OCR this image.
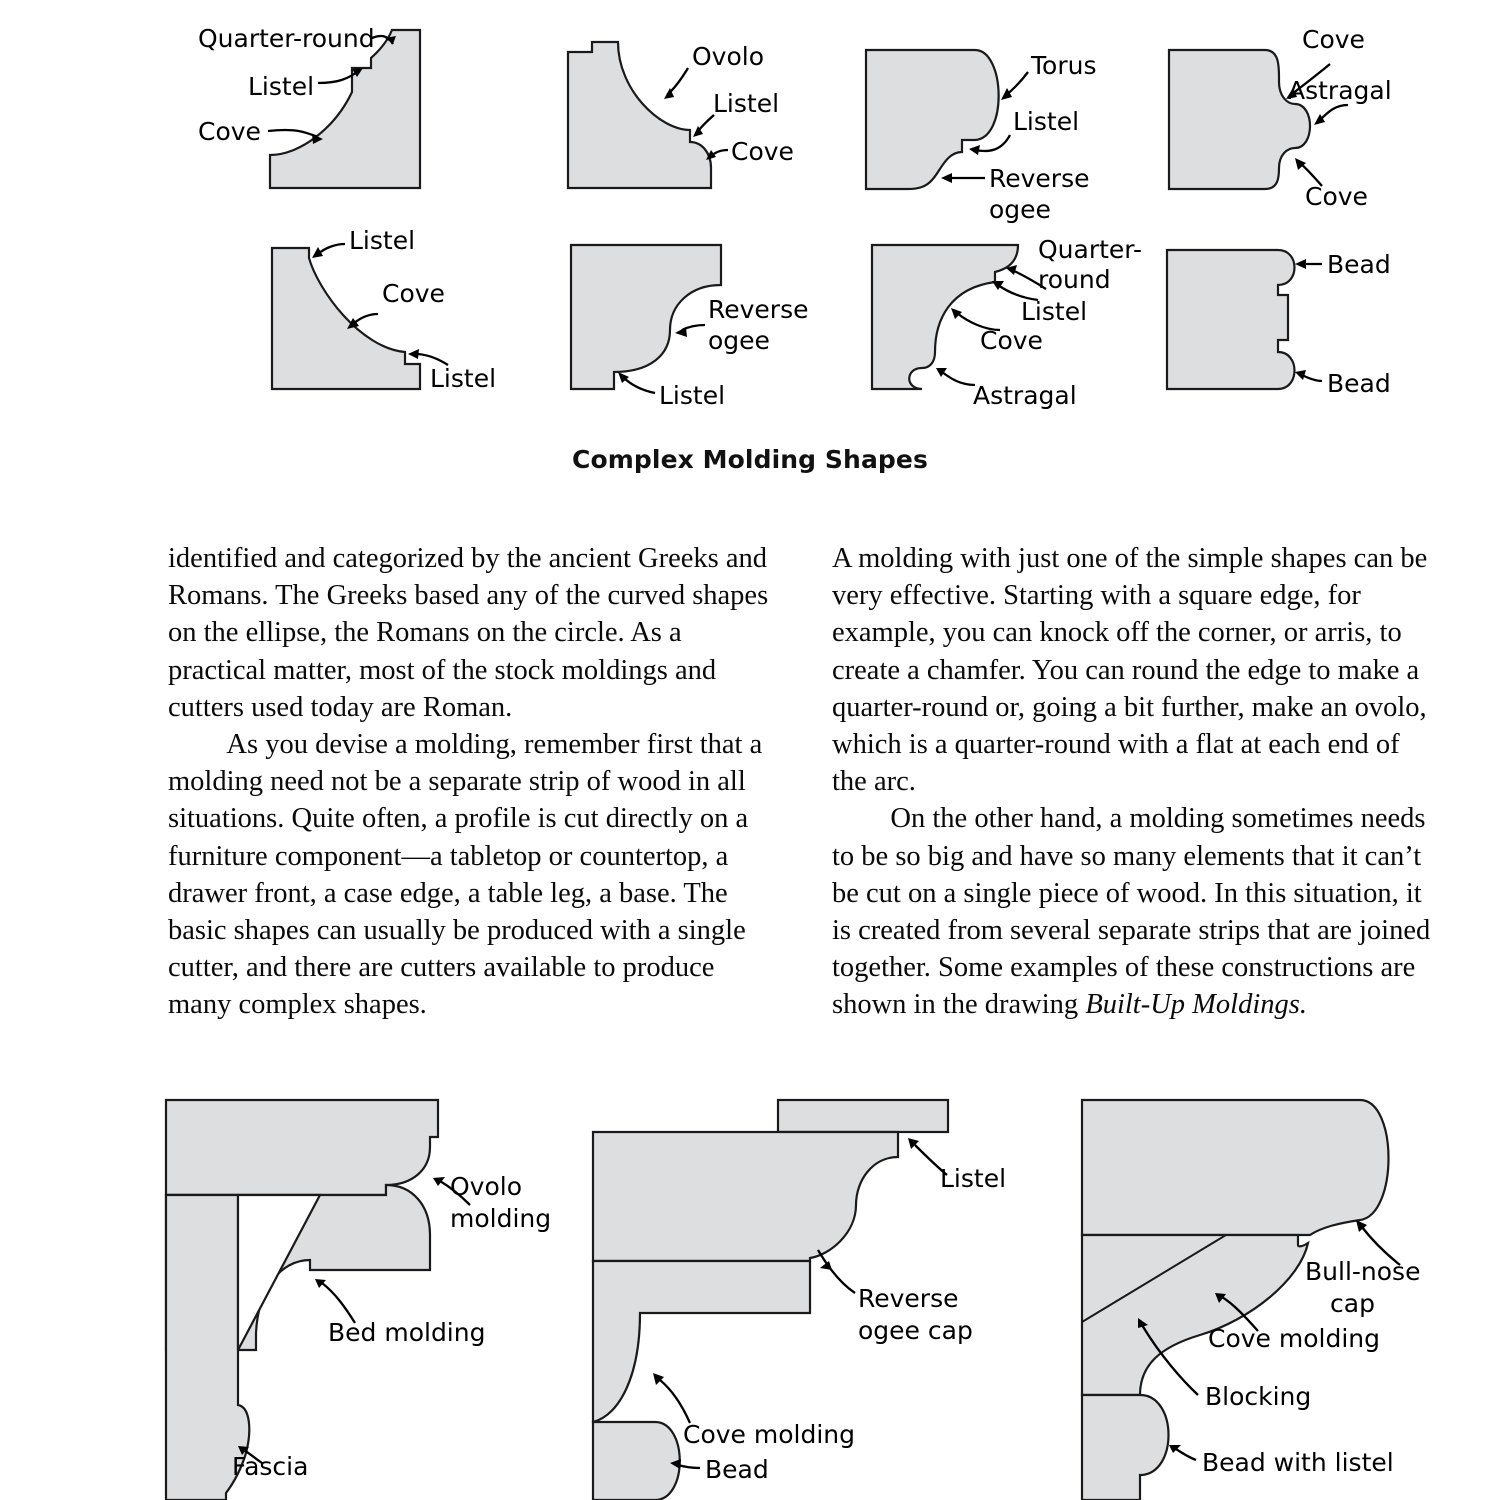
Quarter-round
Listel
Cove
Ovolo
Listel
Cove
Torus
Listel
Reverse
ogee
Cove
Astragal
Cove
Listel
Cove
Listel
Reverse
ogee
Listel
Quarter-
round
Listel
Cove
Astragal
Bead
Bead
Complex Molding Shapes

identified and categorized by the ancient Greeks and Romans. The Greeks based any of the curved shapes on the ellipse, the Romans on the circle. As a practical matter, most of the stock moldings and cutters used today are Roman.

As you devise a molding, remember first that a molding need not be a separate strip of wood in all situations. Quite often, a profile is cut directly on a furniture component—a tabletop or countertop, a drawer front, a case edge, a table leg, a base. The basic shapes can usually be produced with a single cutter, and there are cutters available to produce many complex shapes.

A molding with just one of the simple shapes can be very effective. Starting with a square edge, for example, you can knock off the corner, or arris, to create a chamfer. You can round the edge to make a quarter-round or, going a bit further, make an ovolo, which is a quarter-round with a flat at each end of the arc.

On the other hand, a molding sometimes needs to be so big and have so many elements that it can’t be cut on a single piece of wood. In this situation, it is created from several separate strips that are joined together. Some examples of these constructions are shown in the drawing Built-Up Moldings.

Ovolo
molding
Bed molding
Fascia
Listel
Reverse
ogee cap
Cove molding
Bead
Bull-nose
cap
Cove molding
Blocking
Bead with listel
